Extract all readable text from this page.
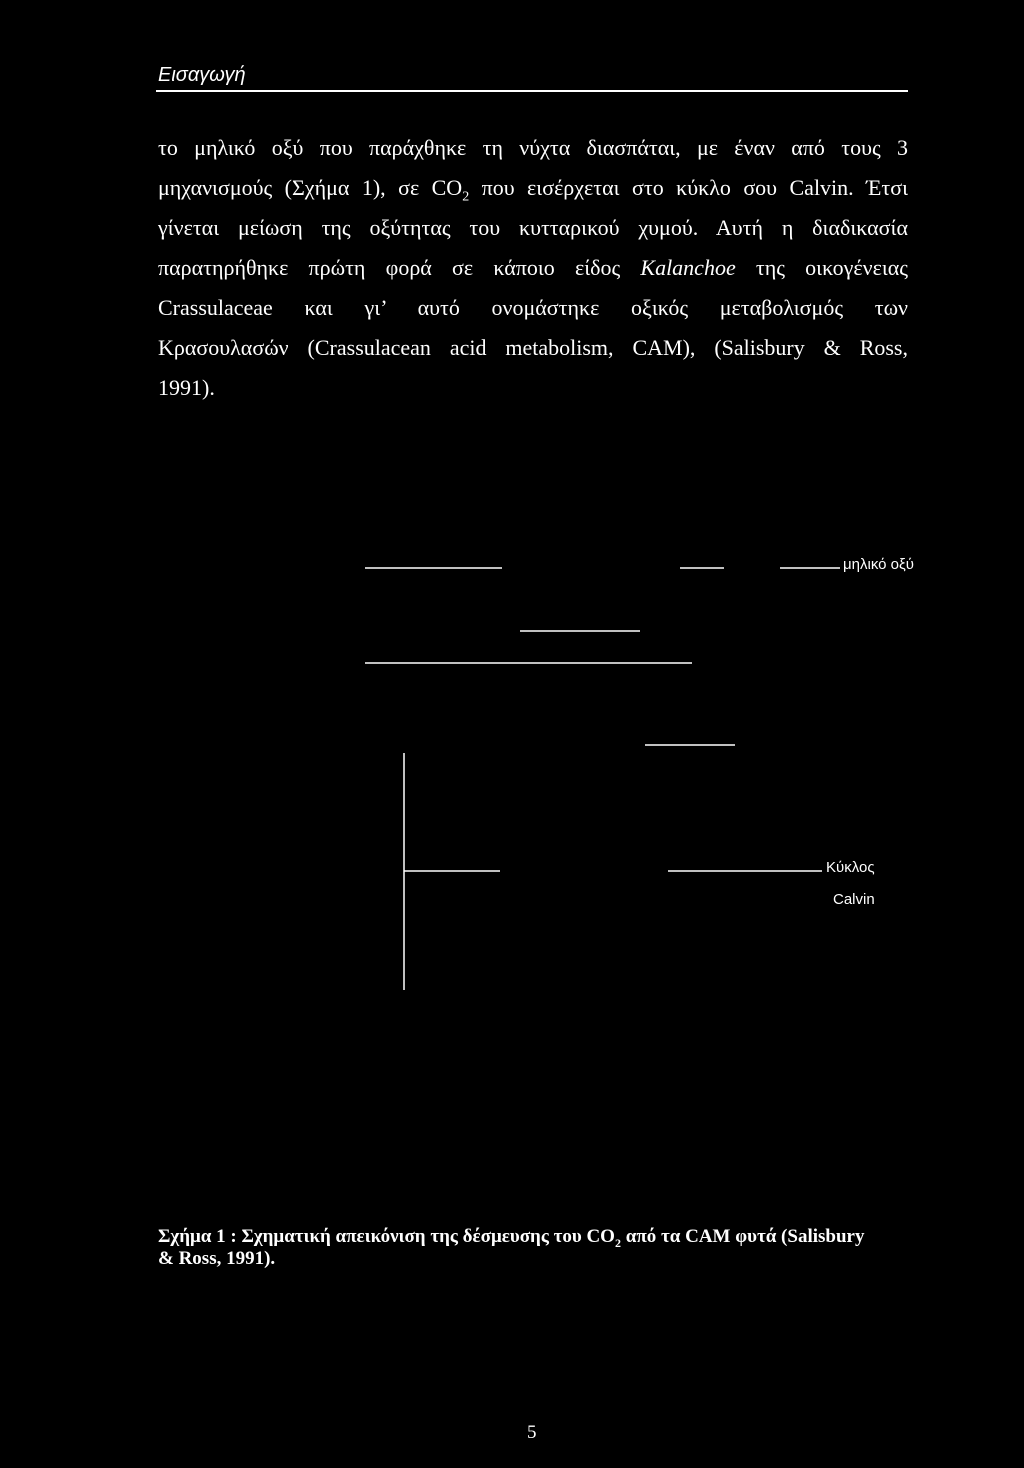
Εισαγωγή
το μηλικό οξύ που παράχθηκε τη νύχτα διασπάται, με έναν από τους 3
μηχανισμούς (Σχήμα 1), σε $CO_2$ που εισέρχεται στο κύκλο σου Calvin. Έτσι
γίνεται μείωση της οξύτητας του κυτταρικού χυμού. Αυτή η διαδικασία
παρατηρήθηκε πρώτη φορά σε κάποιο είδος Kalanchoe της οικογένειας
Crassulaceae και γι’ αυτό ονομάστηκε οξικός μεταβολισμός των
Κρασουλασών (Crassulacean acid metabolism, CAM), (Salisbury & Ross,
1991).
μηλικό οξύ
Κύκλος
Calvin
Σχήμα 1 : Σχηματική απεικόνιση της δέσμευσης του $CO_2$ από τα CAM φυτά (Salisbury
& Ross, 1991).
5
